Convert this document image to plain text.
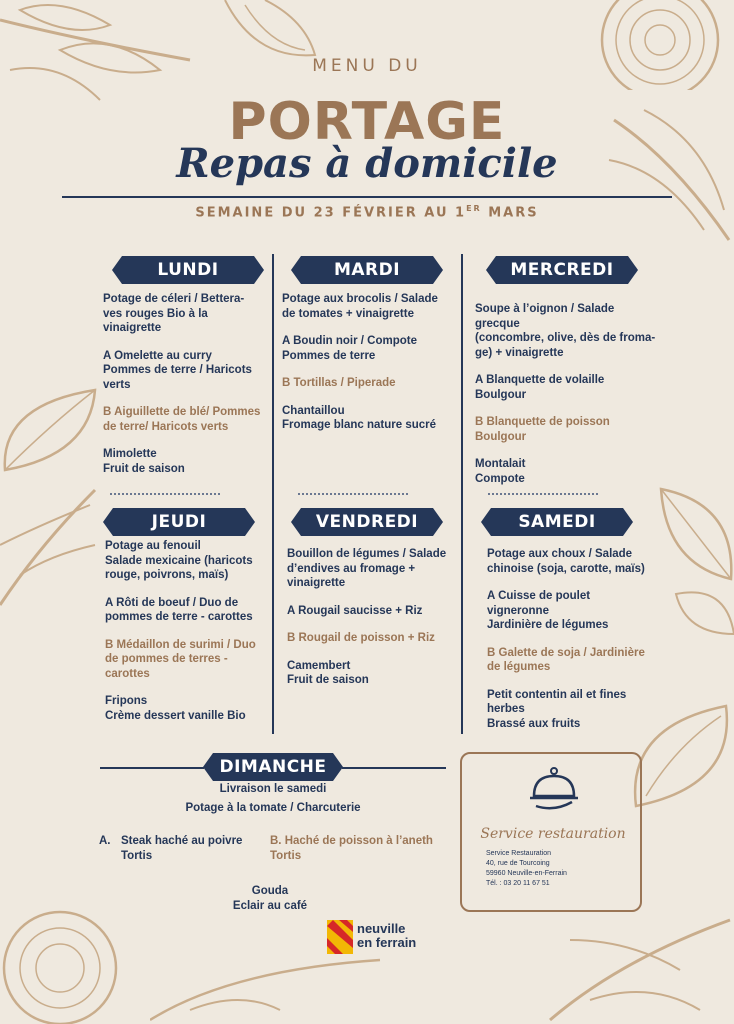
MENU DU
PORTAGE
Repas à domicile
SEMAINE DU 23 FÉVRIER AU 1ER MARS
LUNDI
Potage de céleri / Bettera-
ves rouges Bio à la
vinaigrette
A Omelette au curry
Pommes de terre / Haricots
verts
B Aiguillette de blé/ Pommes
de terre/ Haricots verts
Mimolette
Fruit de saison
MARDI
Potage aux brocolis / Salade
de tomates + vinaigrette
A Boudin noir / Compote
Pommes de terre
B Tortillas / Piperade
Chantaillou
Fromage blanc nature sucré
MERCREDI
Soupe à l’oignon / Salade grecque
(concombre, olive, dès de froma-
ge) + vinaigrette
A Blanquette de volaille
Boulgour
B Blanquette de poisson
Boulgour
Montalait
Compote
JEUDI
Potage au fenouil
Salade mexicaine (haricots
rouge, poivrons, maïs)
A Rôti de boeuf / Duo de
pommes de terre - carottes
B Médaillon de surimi / Duo
de pommes de terres -
carottes
Fripons
Crème dessert vanille Bio
VENDREDI
Bouillon de légumes / Salade
d’endives au fromage +
vinaigrette
A Rougail saucisse + Riz
B Rougail de poisson + Riz
Camembert
Fruit de saison
SAMEDI
Potage aux choux / Salade
chinoise (soja, carotte, maïs)
A Cuisse de poulet vigneronne
Jardinière de légumes
B Galette de soja / Jardinière
de légumes
Petit contentin ail et fines
herbes
Brassé aux fruits
DIMANCHE
Livraison le samedi
Potage à la tomate / Charcuterie
A. Steak haché au poivre
Tortis
B. Haché de poisson à l’aneth
Tortis
Gouda
Eclair au café
Service restauration
Service Restauration
40, rue de Tourcoing
59960 Neuville-en-Ferrain
Tél. : 03 20 11 67 51
neuville
en ferrain
